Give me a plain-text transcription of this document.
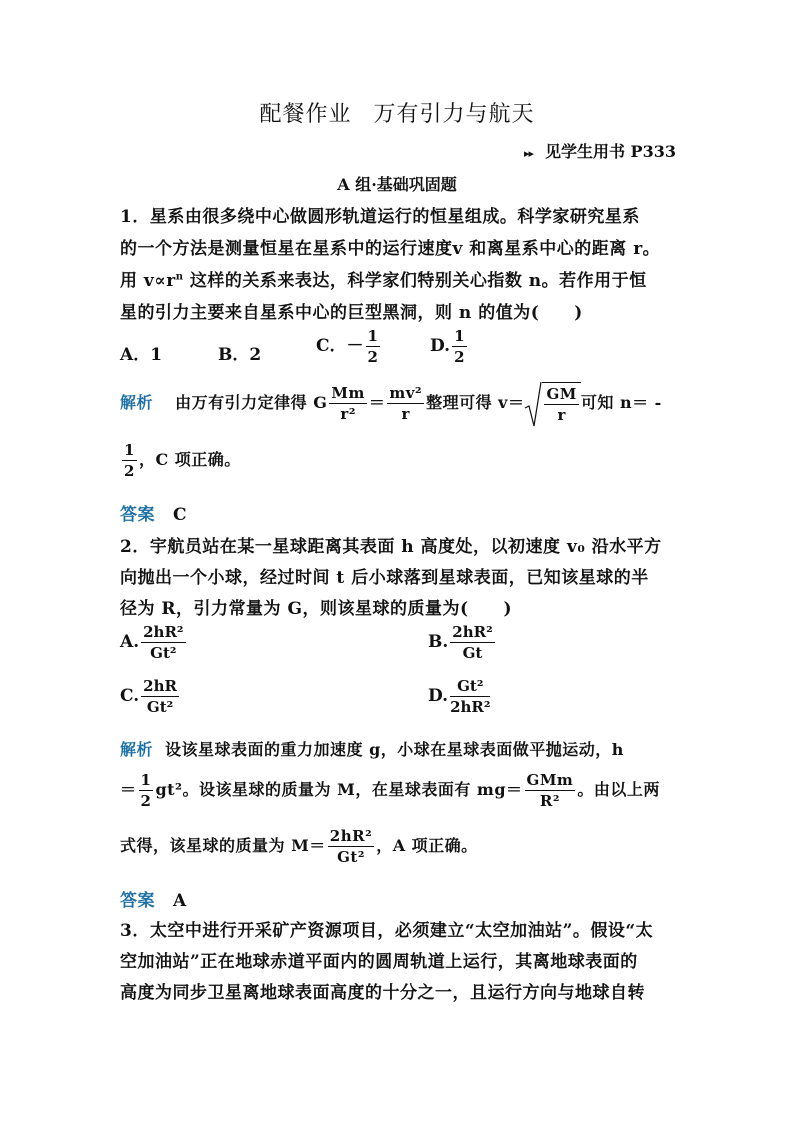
配餐作业 万有引力与航天
▸▸ 见学生用书 P333
A 组·基础巩固题
1．星系由很多绕中心做圆形轨道运行的恒星组成。科学家研究星系
的一个方法是测量恒星在星系中的运行速度v 和离星系中心的距离 r。
用 $v\propto r^n$ 这样的关系来表达，科学家们特别关心指数 n。若作用于恒
星的引力主要来自星系中心的巨型黑洞，则 n 的值为(　　)
A．1	B．2	C．－ $\frac{1}{2}$	D. $\frac{1}{2}$
解析 由万有引力定律得 G $\frac{Mm}{\text{r²}} = \frac{\text{mv²}}{r}$ 整理可得 $v= \frac{GM}{r}$ 可知 n＝ -
$\frac{1}{2}$ ，C 项正确。
答案 C
2．宇航员站在某一星球距离其表面 h 高度处，以初速度 v₀ 沿水平方
向抛出一个小球，经过时间 t 后小球落到星球表面，已知该星球的半
径为 R，引力常量为 G，则该星球的质量为(　　)
A. $\frac{\text{2hR²}}{\text{Gt²}}$	B. $\frac{\text{2hR²}}{Gt}$
C. $\frac{2hR}{\text{Gt²}}$	D. $\frac{\text{Gt²}}{\text{2hR²}}$
解析 设该星球表面的重力加速度 g，小球在星球表面做平抛运动，h
＝ $\frac{1}{2} gt^2$。设该星球的质量为 M，在星球表面有 $mg= \frac{\text{GMm}}{\text{R²}}$ 。由以上两
式得，该星球的质量为 $M= \frac{\text{2hR²}}{\text{Gt²}}$ ，A 项正确。
答案 A
3．太空中进行开采矿产资源项目，必须建立“太空加油站”。假设“太
空加油站”正在地球赤道平面内的圆周轨道上运行，其离地球表面的
高度为同步卫星离地球表面高度的十分之一，且运行方向与地球自转
